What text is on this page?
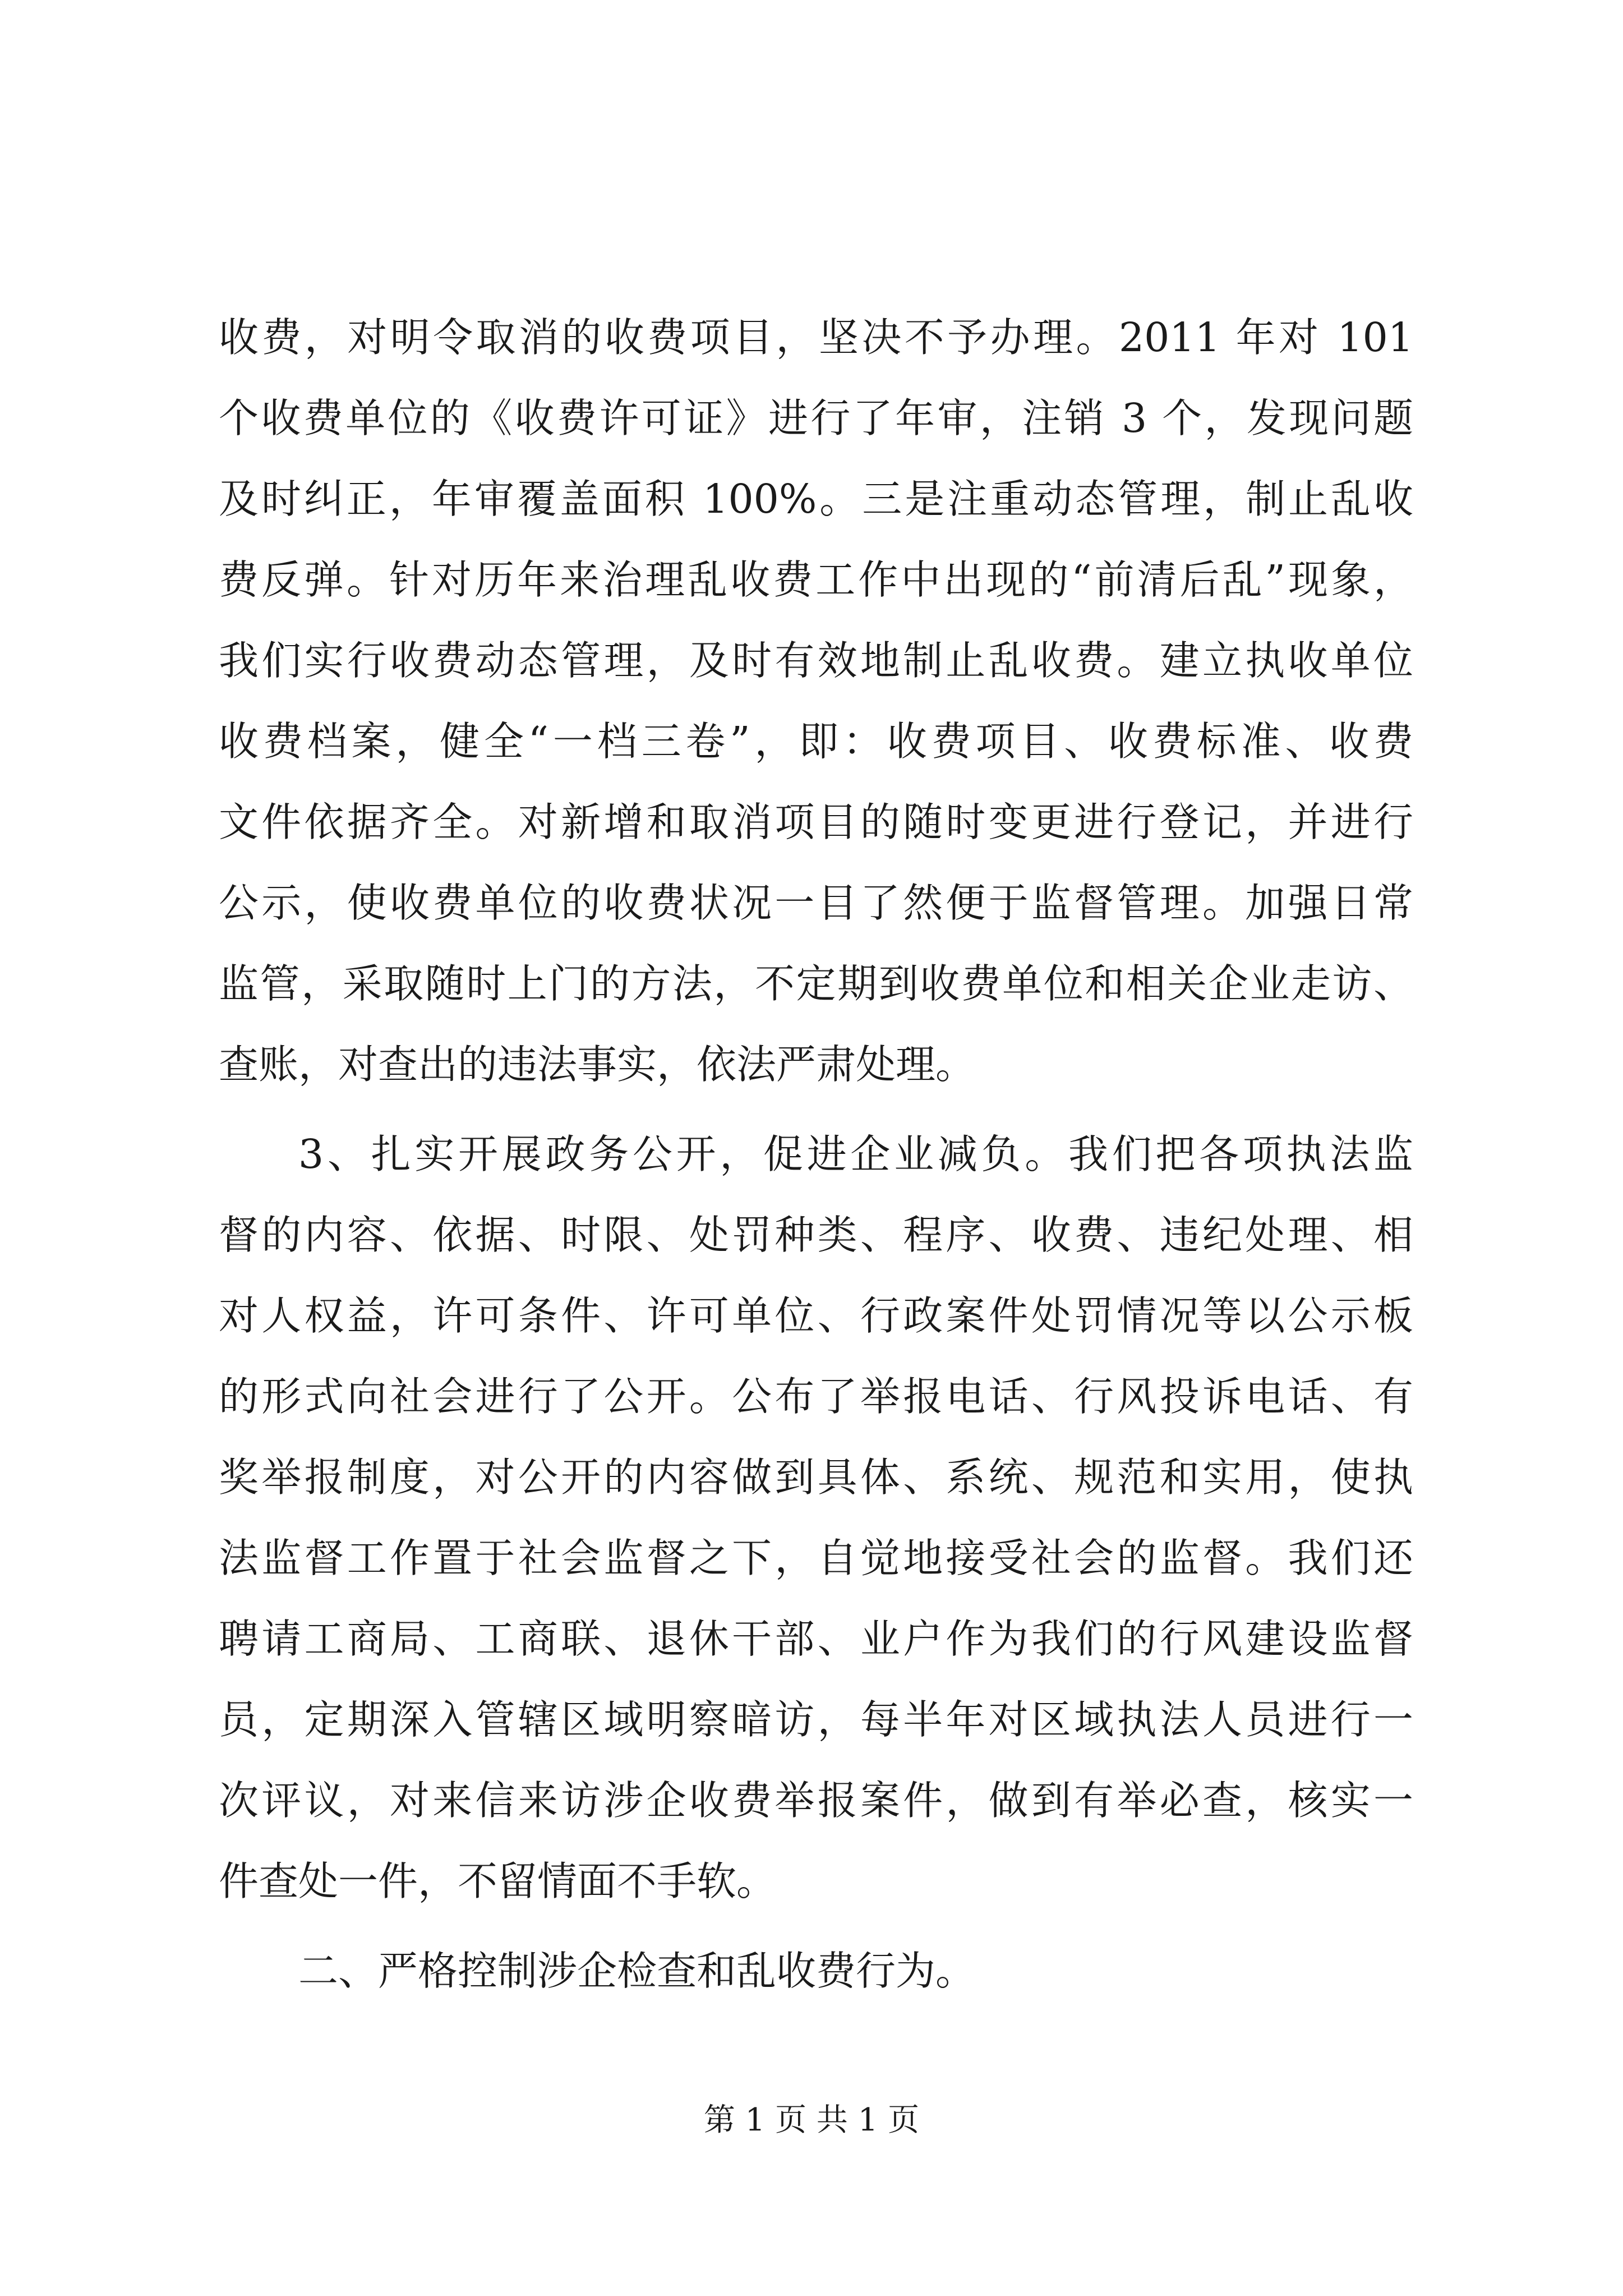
收费，对明令取消的收费项目，坚决不予办理。2011 年对 101
个收费单位的《收费许可证》进行了年审，注销 3 个，发现问题
及时纠正，年审覆盖面积 100%。三是注重动态管理，制止乱收
费反弹。针对历年来治理乱收费工作中出现的“前清后乱”现象，
我们实行收费动态管理，及时有效地制止乱收费。建立执收单位
收费档案，健全“一档三卷”，即：收费项目、收费标准、收费
文件依据齐全。对新增和取消项目的随时变更进行登记，并进行
公示，使收费单位的收费状况一目了然便于监督管理。加强日常
监管，采取随时上门的方法，不定期到收费单位和相关企业走访、
查账，对查出的违法事实，依法严肃处理。
3、扎实开展政务公开，促进企业减负。我们把各项执法监
督的内容、依据、时限、处罚种类、程序、收费、违纪处理、相
对人权益，许可条件、许可单位、行政案件处罚情况等以公示板
的形式向社会进行了公开。公布了举报电话、行风投诉电话、有
奖举报制度，对公开的内容做到具体、系统、规范和实用，使执
法监督工作置于社会监督之下，自觉地接受社会的监督。我们还
聘请工商局、工商联、退休干部、业户作为我们的行风建设监督
员，定期深入管辖区域明察暗访，每半年对区域执法人员进行一
次评议，对来信来访涉企收费举报案件，做到有举必查，核实一
件查处一件，不留情面不手软。
二、严格控制涉企检查和乱收费行为。
第 1 页 共 1 页
